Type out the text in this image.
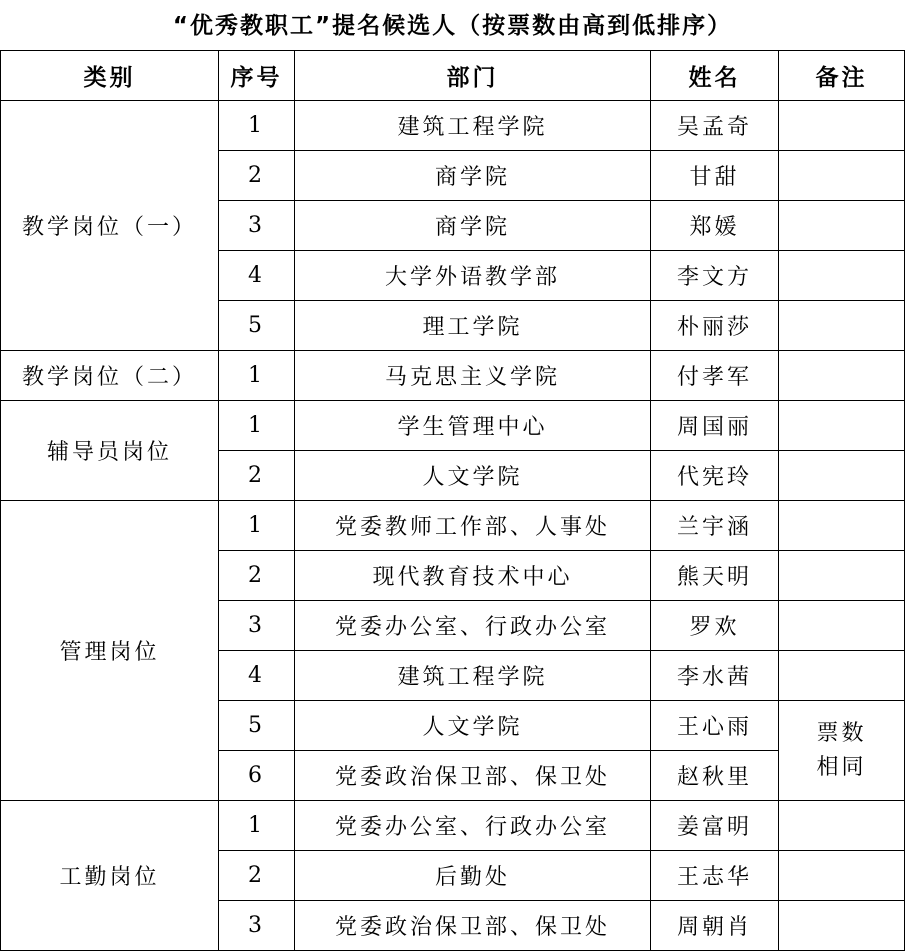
“优秀教职工”提名候选人（按票数由高到低排序）
类别	序号	部门	姓名	备注
教学岗位（一）	1	建筑工程学院	吴孟奇	
	2	商学院	甘甜	
	3	商学院	郑媛	
	4	大学外语教学部	李文方	
	5	理工学院	朴丽莎	
教学岗位（二）	1	马克思主义学院	付孝军	
辅导员岗位	1	学生管理中心	周国丽	
	2	人文学院	代宪玲	
管理岗位	1	党委教师工作部、人事处	兰宇涵	
	2	现代教育技术中心	熊天明	
	3	党委办公室、行政办公室	罗欢	
	4	建筑工程学院	李水茜	
	5	人文学院	王心雨	票数相同
	6	党委政治保卫部、保卫处	赵秋里	
工勤岗位	1	党委办公室、行政办公室	姜富明	
	2	后勤处	王志华	
	3	党委政治保卫部、保卫处	周朝肖	
